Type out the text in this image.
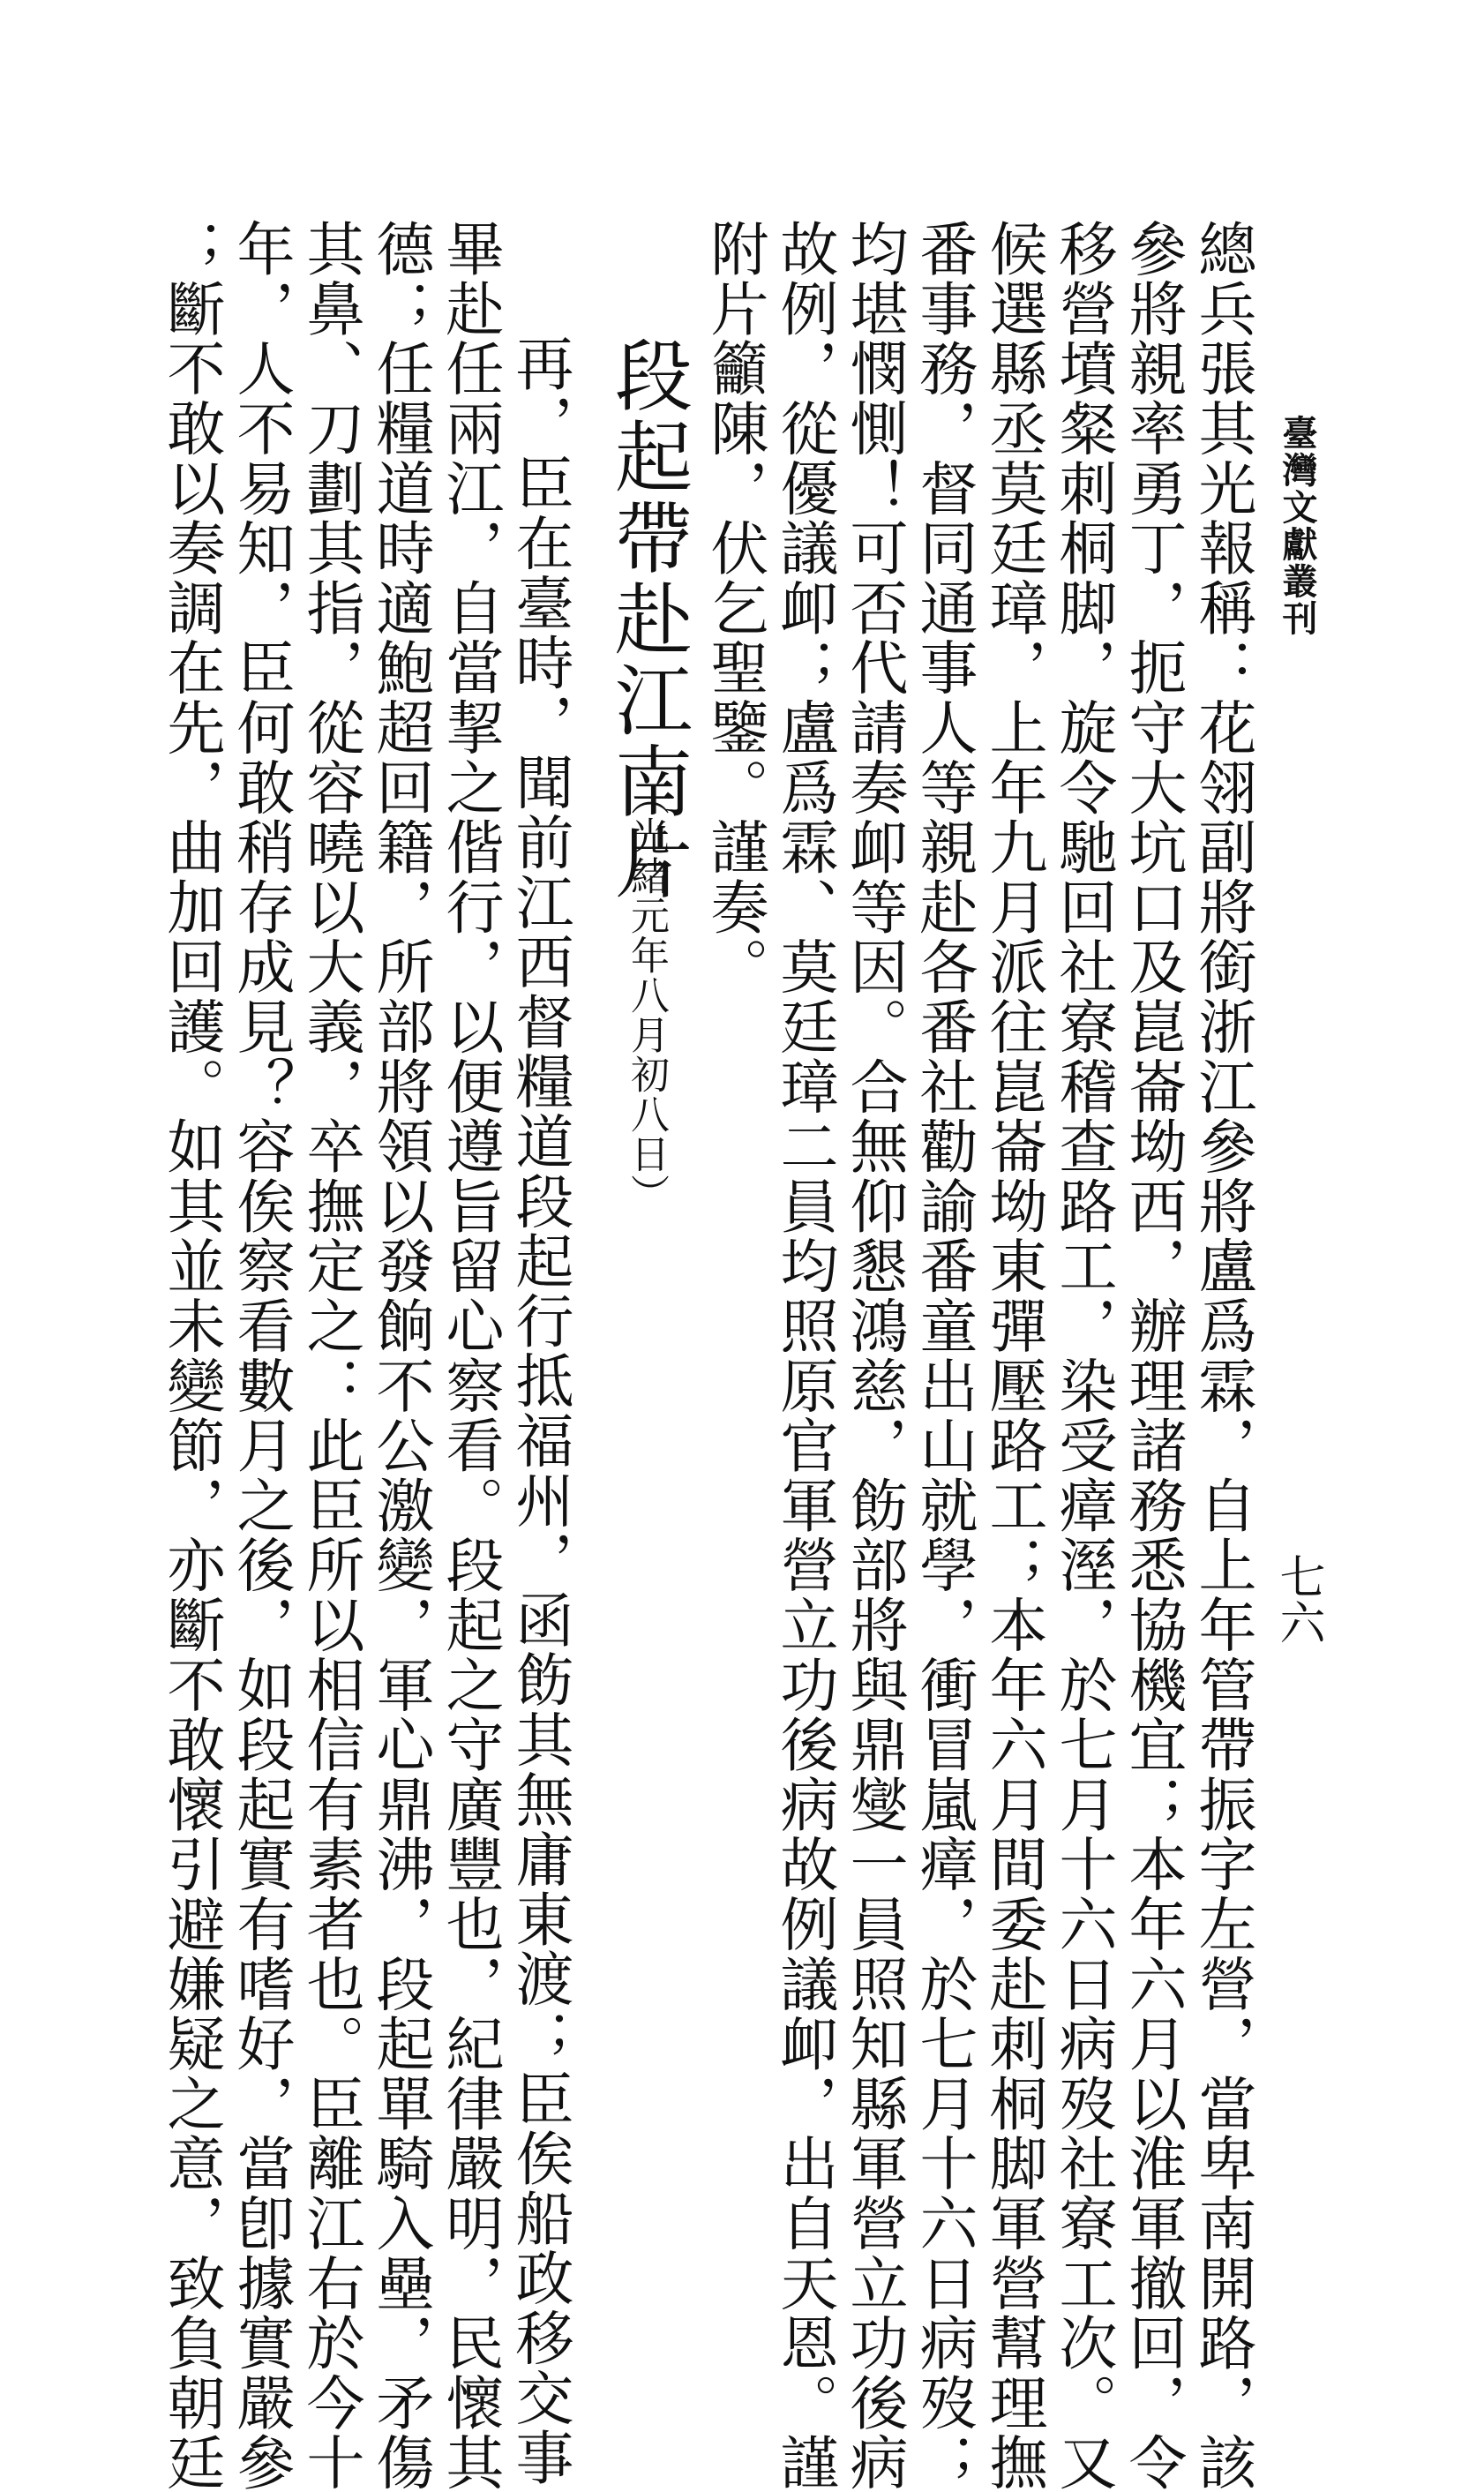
臺灣文獻叢刊
七六
總兵張其光報稱：花翎副將銜浙江參將盧爲霖，自上年管帶振字左營，當卑南開路，該
參將親率勇丁，扼守大坑口及崑崙坳西，辦理諸務悉協機宜；本年六月以淮軍撤回，令
移營墳粲刺桐脚，旋令馳回社寮稽查路工，染受瘴溼，於七月十六日病歿社寮工次。又
候選縣丞莫廷璋，上年九月派往崑崙坳東彈壓路工；本年六月間委赴刺桐脚軍營幫理撫
番事務，督同通事人等親赴各番社勸諭番童出山就學，衝冒嵐瘴，於七月十六日病歿；
均堪憫惻！可否代請奏卹等因。合無仰懇鴻慈，飭部將與鼎燮一員照知縣軍營立功後病
故例，從優議卹；盧爲霖、莫廷璋二員均照原官軍營立功後病故例議卹，出自天恩。謹
附片籲陳，伏乞聖鑒。謹奏。
段起帶赴江南片
（光緒元年八月初八日）
再，臣在臺時，聞前江西督糧道段起行抵福州，函飭其無庸東渡；臣俟船政移交事
畢赴任兩江，自當挈之偕行，以便遵旨留心察看。段起之守廣豐也，紀律嚴明，民懷其
德；任糧道時適鮑超回籍，所部將領以發餉不公激變，軍心鼎沸，段起單騎入壘，矛傷
其鼻、刀劃其指，從容曉以大義，卒撫定之：此臣所以相信有素者也。臣離江右於今十
年，人不易知，臣何敢稍存成見？容俟察看數月之後，如段起實有嗜好，當卽據實嚴參
；斷不敢以奏調在先，曲加回護。如其並未變節，亦斷不敢懷引避嫌疑之意，致負朝廷
